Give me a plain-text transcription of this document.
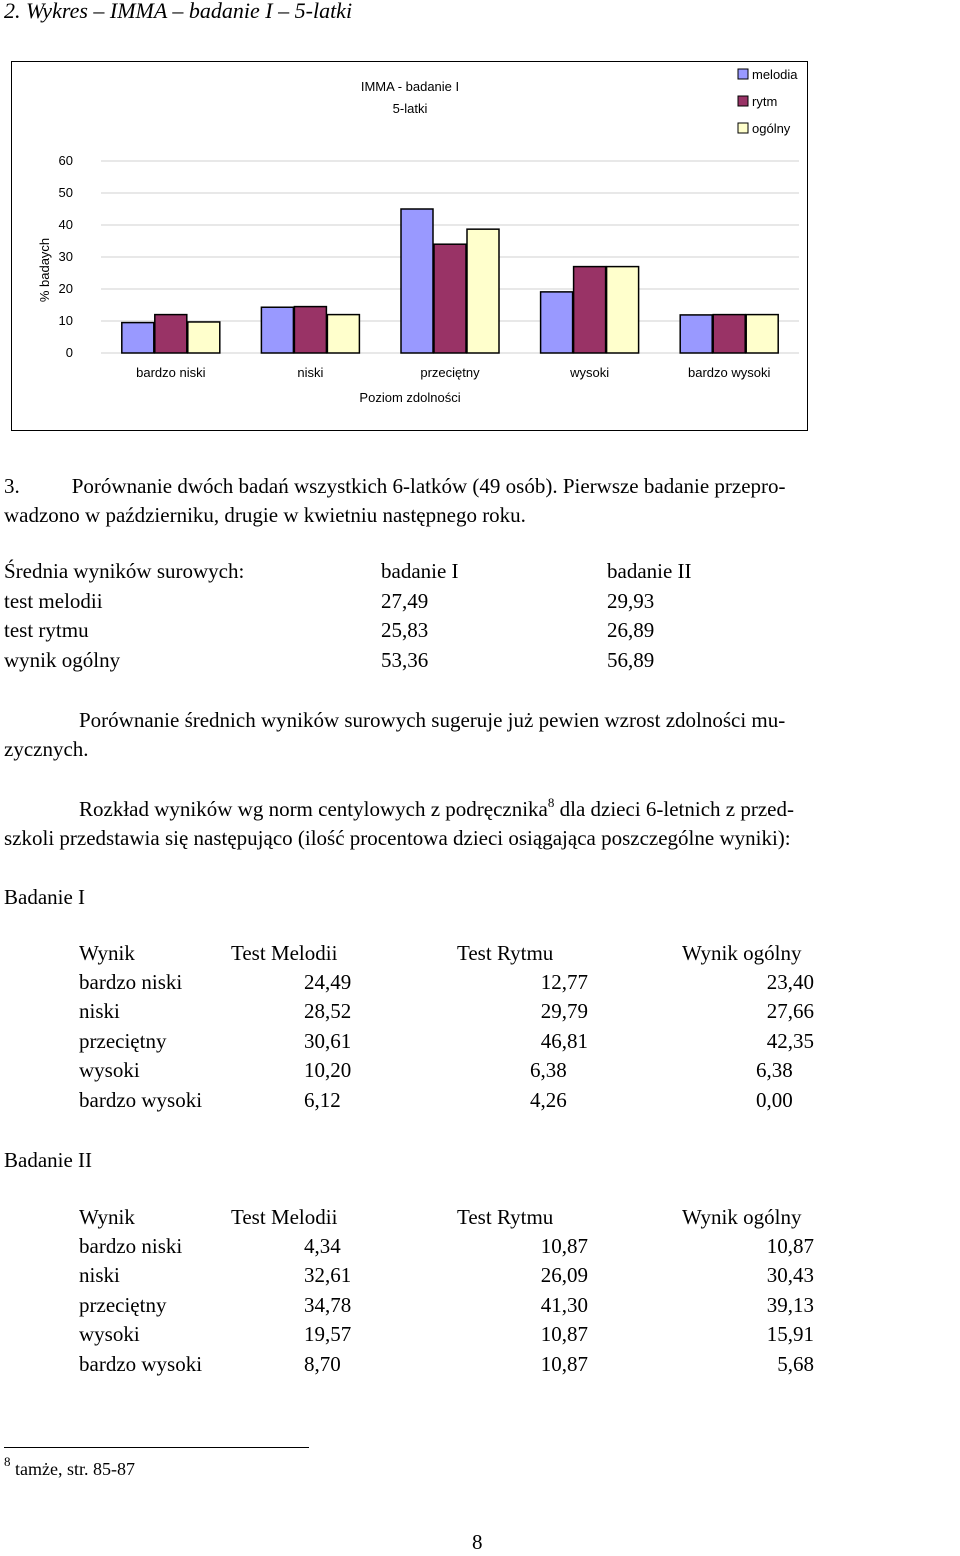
2. Wykres – IMMA – badanie I – 5-latki
IMMA - badanie I
5-latki
% badaych
Poziom zdolności
0
10
20
30
40
50
60
bardzo niski	niski	przeciętny	wysoki	bardzo wysoki
melodia
rytm
ogólny
3. Porównanie dwóch badań wszystkich 6-latków (49 osób). Pierwsze badanie przepro-
wadzono w październiku, drugie w kwietniu następnego roku.
Średnia wyników surowych:	badanie I	badanie II
test melodii	27,49	29,93
test rytmu	25,83	26,89
wynik ogólny	53,36	56,89
Porównanie średnich wyników surowych sugeruje już pewien wzrost zdolności mu-
zycznych.
Rozkład wyników wg norm centylowych z podręcznika$^8$ dla dzieci 6-letnich z przed-
szkoli przedstawia się następująco (ilość procentowa dzieci osiągająca poszczególne wyniki):
Badanie I
Wynik	Test Melodii	Test Rytmu	Wynik ogólny
bardzo niski	24,49	12,77	23,40
niski	28,52	29,79	27,66
przeciętny	30,61	46,81	42,35
wysoki	10,20	6,38	6,38
bardzo wysoki	6,12	4,26	0,00
Badanie II
Wynik	Test Melodii	Test Rytmu	Wynik ogólny
bardzo niski	4,34	10,87	10,87
niski	32,61	26,09	30,43
przeciętny	34,78	41,30	39,13
wysoki	19,57	10,87	15,91
bardzo wysoki	8,70	10,87	5,68
$^8$ tamże, str. 85-87
8
